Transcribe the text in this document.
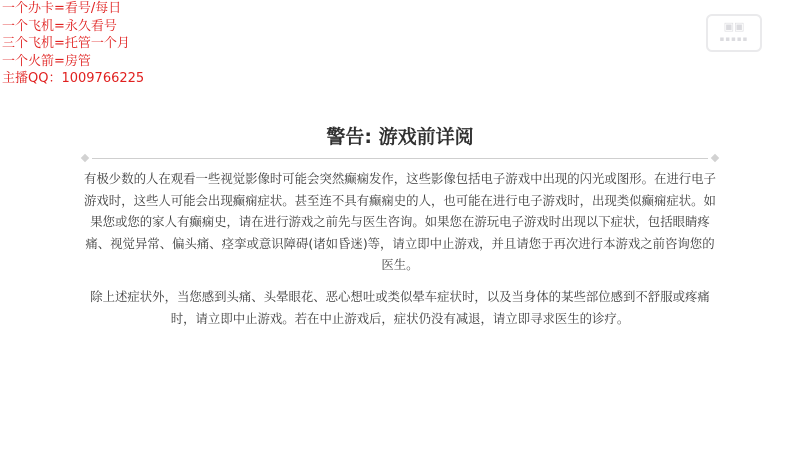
一个办卡=看号/每日
一个飞机=永久看号
三个飞机=托管一个月
一个火箭=房管
主播QQ：1009766225
▣▣
▪▪▪▪▪
警告: 游戏前详阅
有极少数的人在观看一些视觉影像时可能会突然癫痫发作，这些影像包括电子游戏中出现的闪光或图形。在进行电子游戏时，这些人可能会出现癫痫症状。甚至连不具有癫痫史的人，也可能在进行电子游戏时，出现类似癫痫症状。如果您或您的家人有癫痫史，请在进行游戏之前先与医生咨询。如果您在游玩电子游戏时出现以下症状，包括眼睛疼痛、视觉异常、偏头痛、痉挛或意识障碍(诸如昏迷)等，请立即中止游戏，并且请您于再次进行本游戏之前咨询您的医生。
除上述症状外，当您感到头痛、头晕眼花、恶心想吐或类似晕车症状时，以及当身体的某些部位感到不舒服或疼痛时，请立即中止游戏。若在中止游戏后，症状仍没有减退，请立即寻求医生的诊疗。
